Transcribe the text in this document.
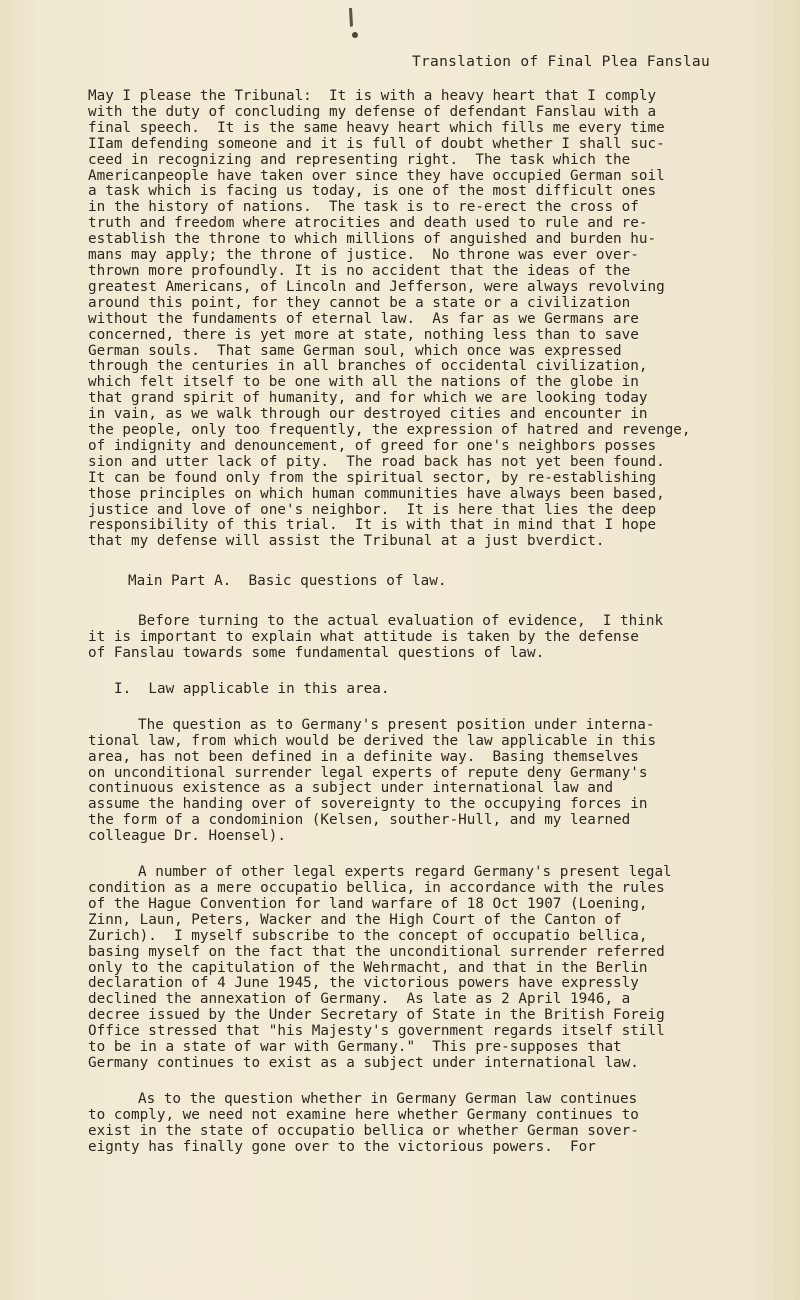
Translation of Final Plea Fanslau

May I please the Tribunal:  It is with a heavy heart that I comply

with the duty of concluding my defense of defendant Fanslau with a

final speech.  It is the same heavy heart which fills me every time

IIam defending someone and it is full of doubt whether I shall suc-

ceed in recognizing and representing right.  The task which the

Americanpeople have taken over since they have occupied German soil

a task which is facing us today, is one of the most difficult ones

in the history of nations.  The task is to re-erect the cross of

truth and freedom where atrocities and death used to rule and re-

establish the throne to which millions of anguished and burden hu-

mans may apply; the throne of justice.  No throne was ever over-

thrown more profoundly. It is no accident that the ideas of the

greatest Americans, of Lincoln and Jefferson, were always revolving

around this point, for they cannot be a state or a civilization

without the fundaments of eternal law.  As far as we Germans are

concerned, there is yet more at state, nothing less than to save

German souls.  That same German soul, which once was expressed

through the centuries in all branches of occidental civilization,

which felt itself to be one with all the nations of the globe in

that grand spirit of humanity, and for which we are looking today

in vain, as we walk through our destroyed cities and encounter in

the people, only too frequently, the expression of hatred and revenge,

of indignity and denouncement, of greed for one's neighbors posses

sion and utter lack of pity.  The road back has not yet been found.

It can be found only from the spiritual sector, by re-establishing

those principles on which human communities have always been based,

justice and love of one's neighbor.  It is here that lies the deep

responsibility of this trial.  It is with that in mind that I hope

that my defense will assist the Tribunal at a just bverdict.

Main Part A.  Basic questions of law.

Before turning to the actual evaluation of evidence,  I think

it is important to explain what attitude is taken by the defense

of Fanslau towards some fundamental questions of law.

I.  Law applicable in this area.

The question as to Germany's present position under interna-

tional law, from which would be derived the law applicable in this

area, has not been defined in a definite way.  Basing themselves

on unconditional surrender legal experts of repute deny Germany's

continuous existence as a subject under international law and

assume the handing over of sovereignty to the occupying forces in

the form of a condominion (Kelsen, souther-Hull, and my learned

colleague Dr. Hoensel).

A number of other legal experts regard Germany's present legal

condition as a mere occupatio bellica, in accordance with the rules

of the Hague Convention for land warfare of 18 Oct 1907 (Loening,

Zinn, Laun, Peters, Wacker and the High Court of the Canton of

Zurich).  I myself subscribe to the concept of occupatio bellica,

basing myself on the fact that the unconditional surrender referred

only to the capitulation of the Wehrmacht, and that in the Berlin

declaration of 4 June 1945, the victorious powers have expressly

declined the annexation of Germany.  As late as 2 April 1946, a

decree issued by the Under Secretary of State in the British Foreig

Office stressed that "his Majesty's government regards itself still

to be in a state of war with Germany."  This pre-supposes that

Germany continues to exist as a subject under international law.

As to the question whether in Germany German law continues

to comply, we need not examine here whether Germany continues to

exist in the state of occupatio bellica or whether German sover-

eignty has finally gone over to the victorious powers.  For
